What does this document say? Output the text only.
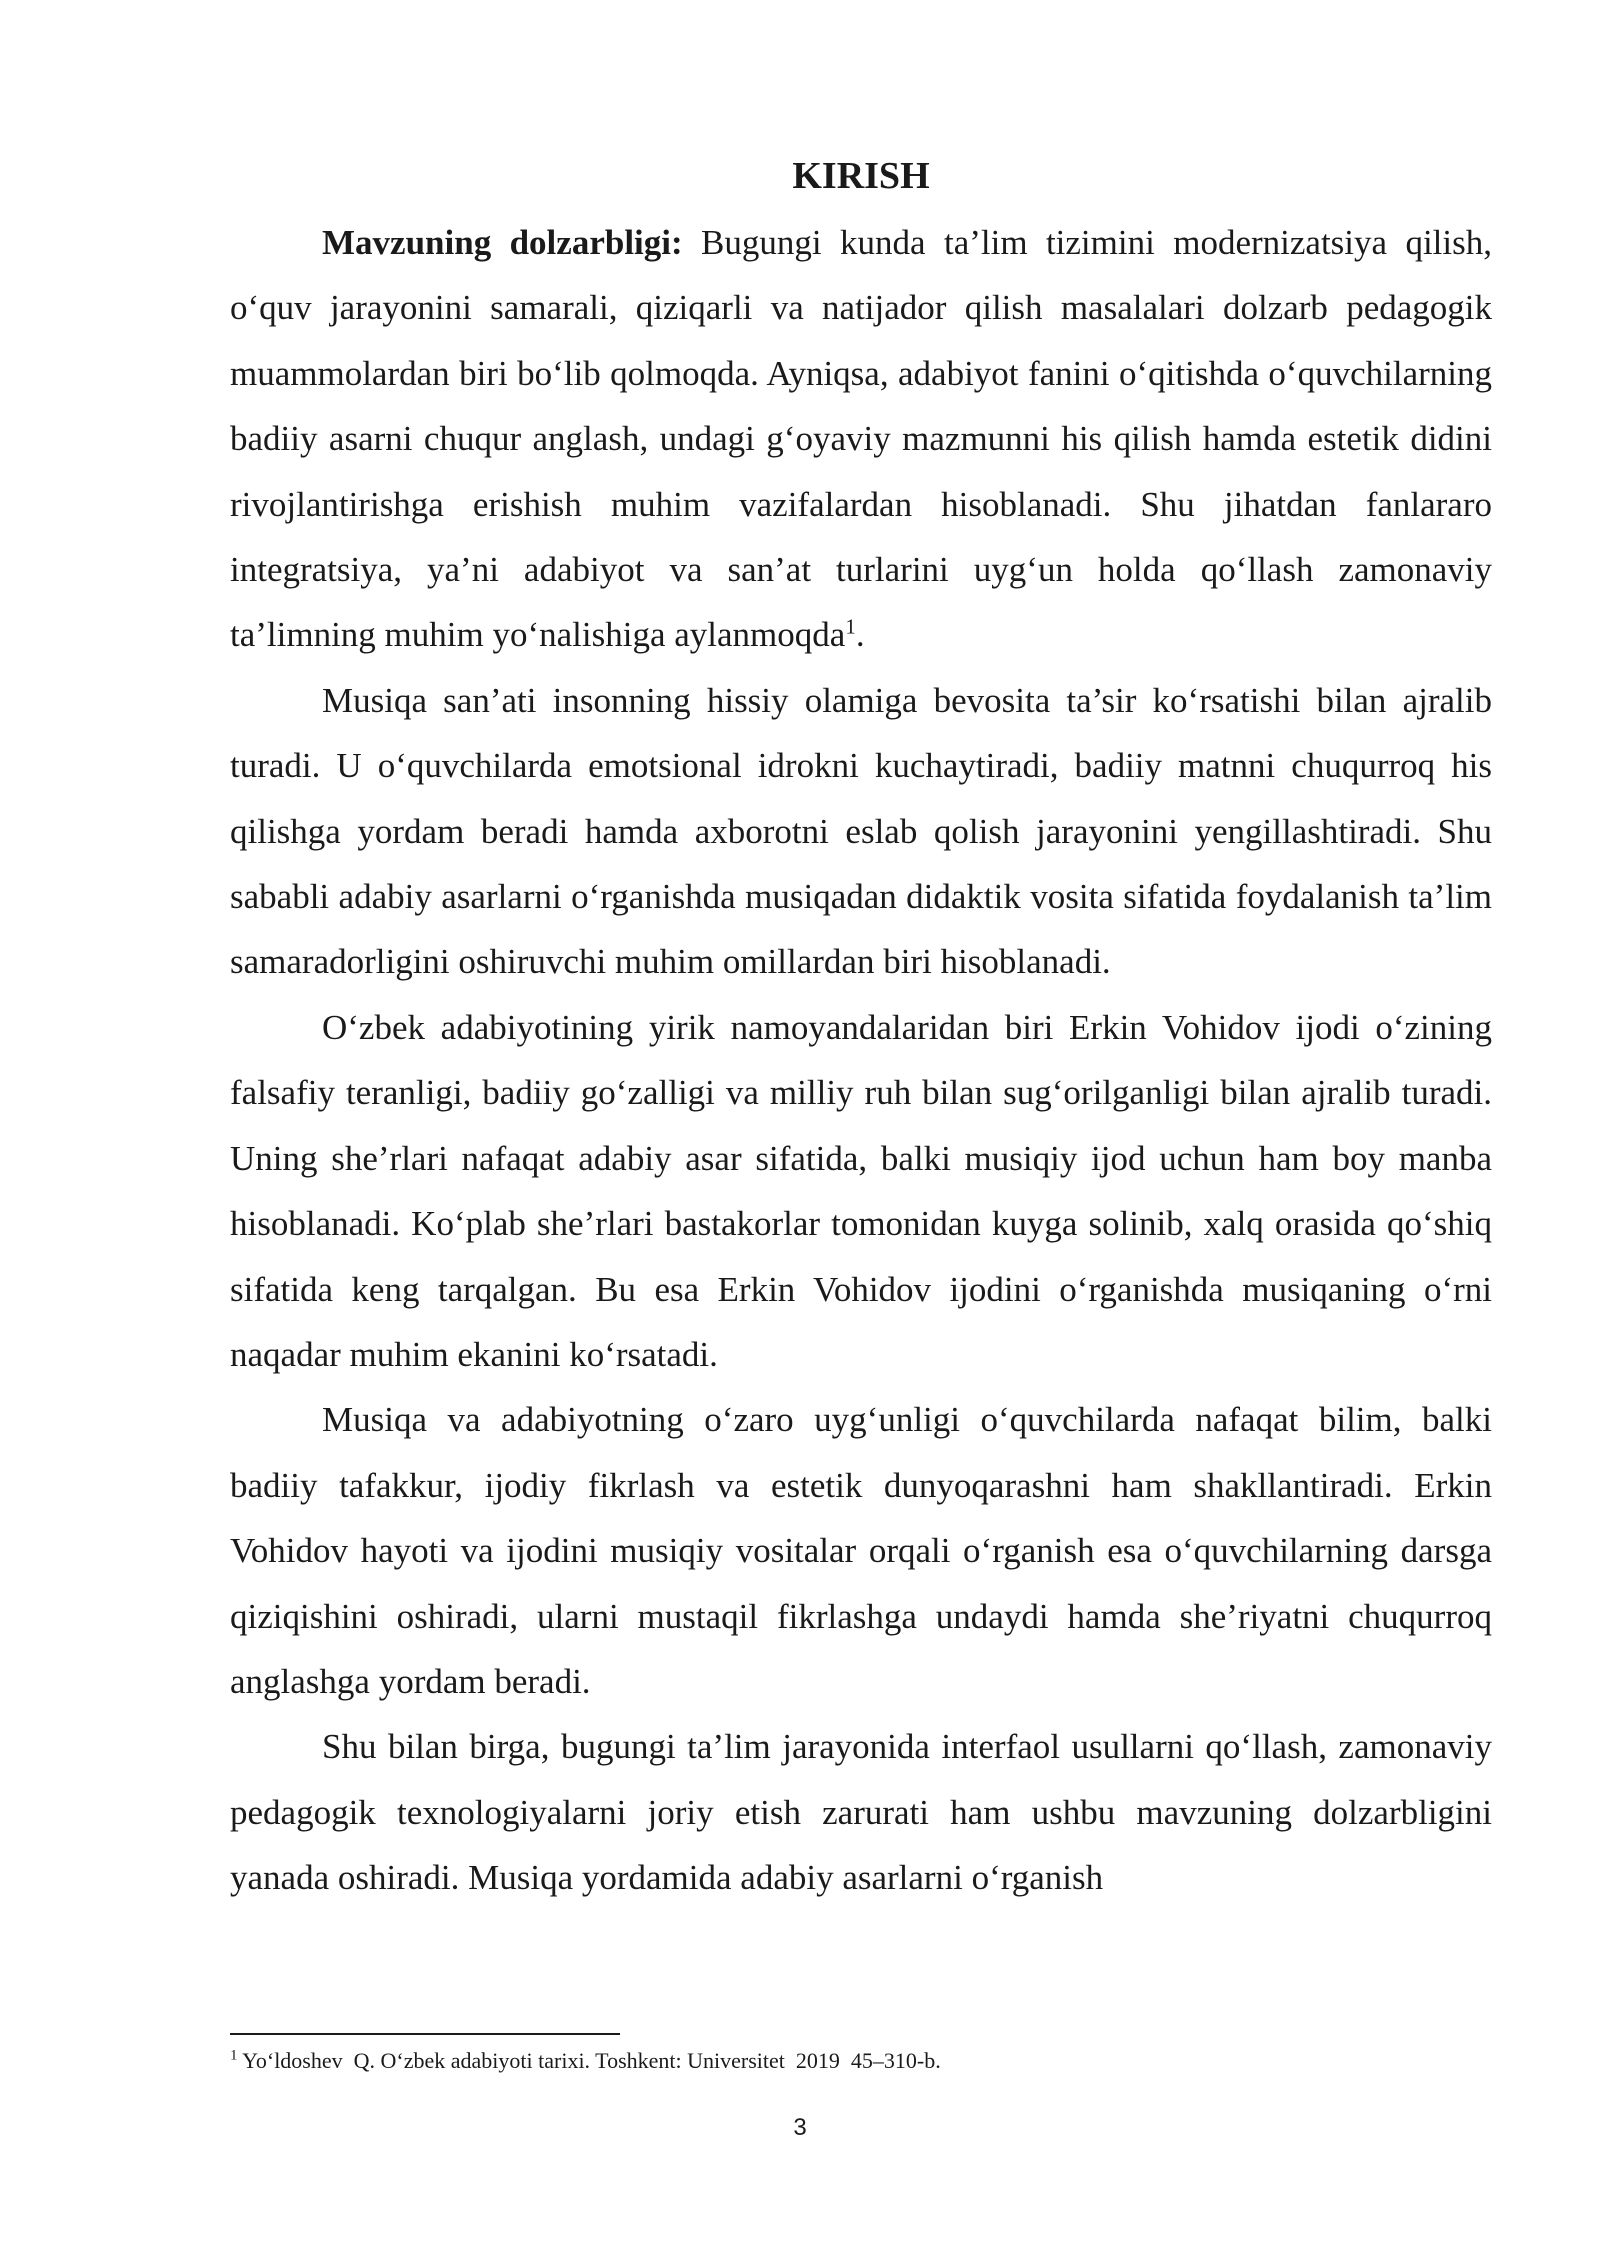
KIRISH

Mavzuning dolzarbligi: Bugungi kunda ta’lim tizimini modernizatsiya qilish, o‘quv jarayonini samarali, qiziqarli va natijador qilish masalalari dolzarb pedagogik muammolardan biri bo‘lib qolmoqda. Ayniqsa, adabiyot fanini o‘qitishda o‘quvchilarning badiiy asarni chuqur anglash, undagi g‘oyaviy mazmunni his qilish hamda estetik didini rivojlantirishga erishish muhim vazifalardan hisoblanadi. Shu jihatdan fanlararo integratsiya, ya’ni adabiyot va san’at turlarini uyg‘un holda qo‘llash zamonaviy ta’limning muhim yo‘nalishiga aylanmoqda$^1$.

Musiqa san’ati insonning hissiy olamiga bevosita ta’sir ko‘rsatishi bilan ajralib turadi. U o‘quvchilarda emotsional idrokni kuchaytiradi, badiiy matnni chuqurroq his qilishga yordam beradi hamda axborotni eslab qolish jarayonini yengillashtiradi. Shu sababli adabiy asarlarni o‘rganishda musiqadan didaktik vosita sifatida foydalanish ta’lim samaradorligini oshiruvchi muhim omillardan biri hisoblanadi.

O‘zbek adabiyotining yirik namoyandalaridan biri Erkin Vohidov ijodi o‘zining falsafiy teranligi, badiiy go‘zalligi va milliy ruh bilan sug‘orilganligi bilan ajralib turadi. Uning she’rlari nafaqat adabiy asar sifatida, balki musiqiy ijod uchun ham boy manba hisoblanadi. Ko‘plab she’rlari bastakorlar tomonidan kuyga solinib, xalq orasida qo‘shiq sifatida keng tarqalgan. Bu esa Erkin Vohidov ijodini o‘rganishda musiqaning o‘rni naqadar muhim ekanini ko‘rsatadi.

Musiqa va adabiyotning o‘zaro uyg‘unligi o‘quvchilarda nafaqat bilim, balki badiiy tafakkur, ijodiy fikrlash va estetik dunyoqarashni ham shakllantiradi. Erkin Vohidov hayoti va ijodini musiqiy vositalar orqali o‘rganish esa o‘quvchilarning darsga qiziqishini oshiradi, ularni mustaqil fikrlashga undaydi hamda she’riyatni chuqurroq anglashga yordam beradi.

Shu bilan birga, bugungi ta’lim jarayonida interfaol usullarni qo‘llash, zamonaviy pedagogik texnologiyalarni joriy etish zarurati ham ushbu mavzuning dolzarbligini yanada oshiradi. Musiqa yordamida adabiy asarlarni o‘rganish

$^1$ Yo‘ldoshev  Q. O‘zbek adabiyoti tarixi. Toshkent: Universitet  2019  45–310-b.

3
